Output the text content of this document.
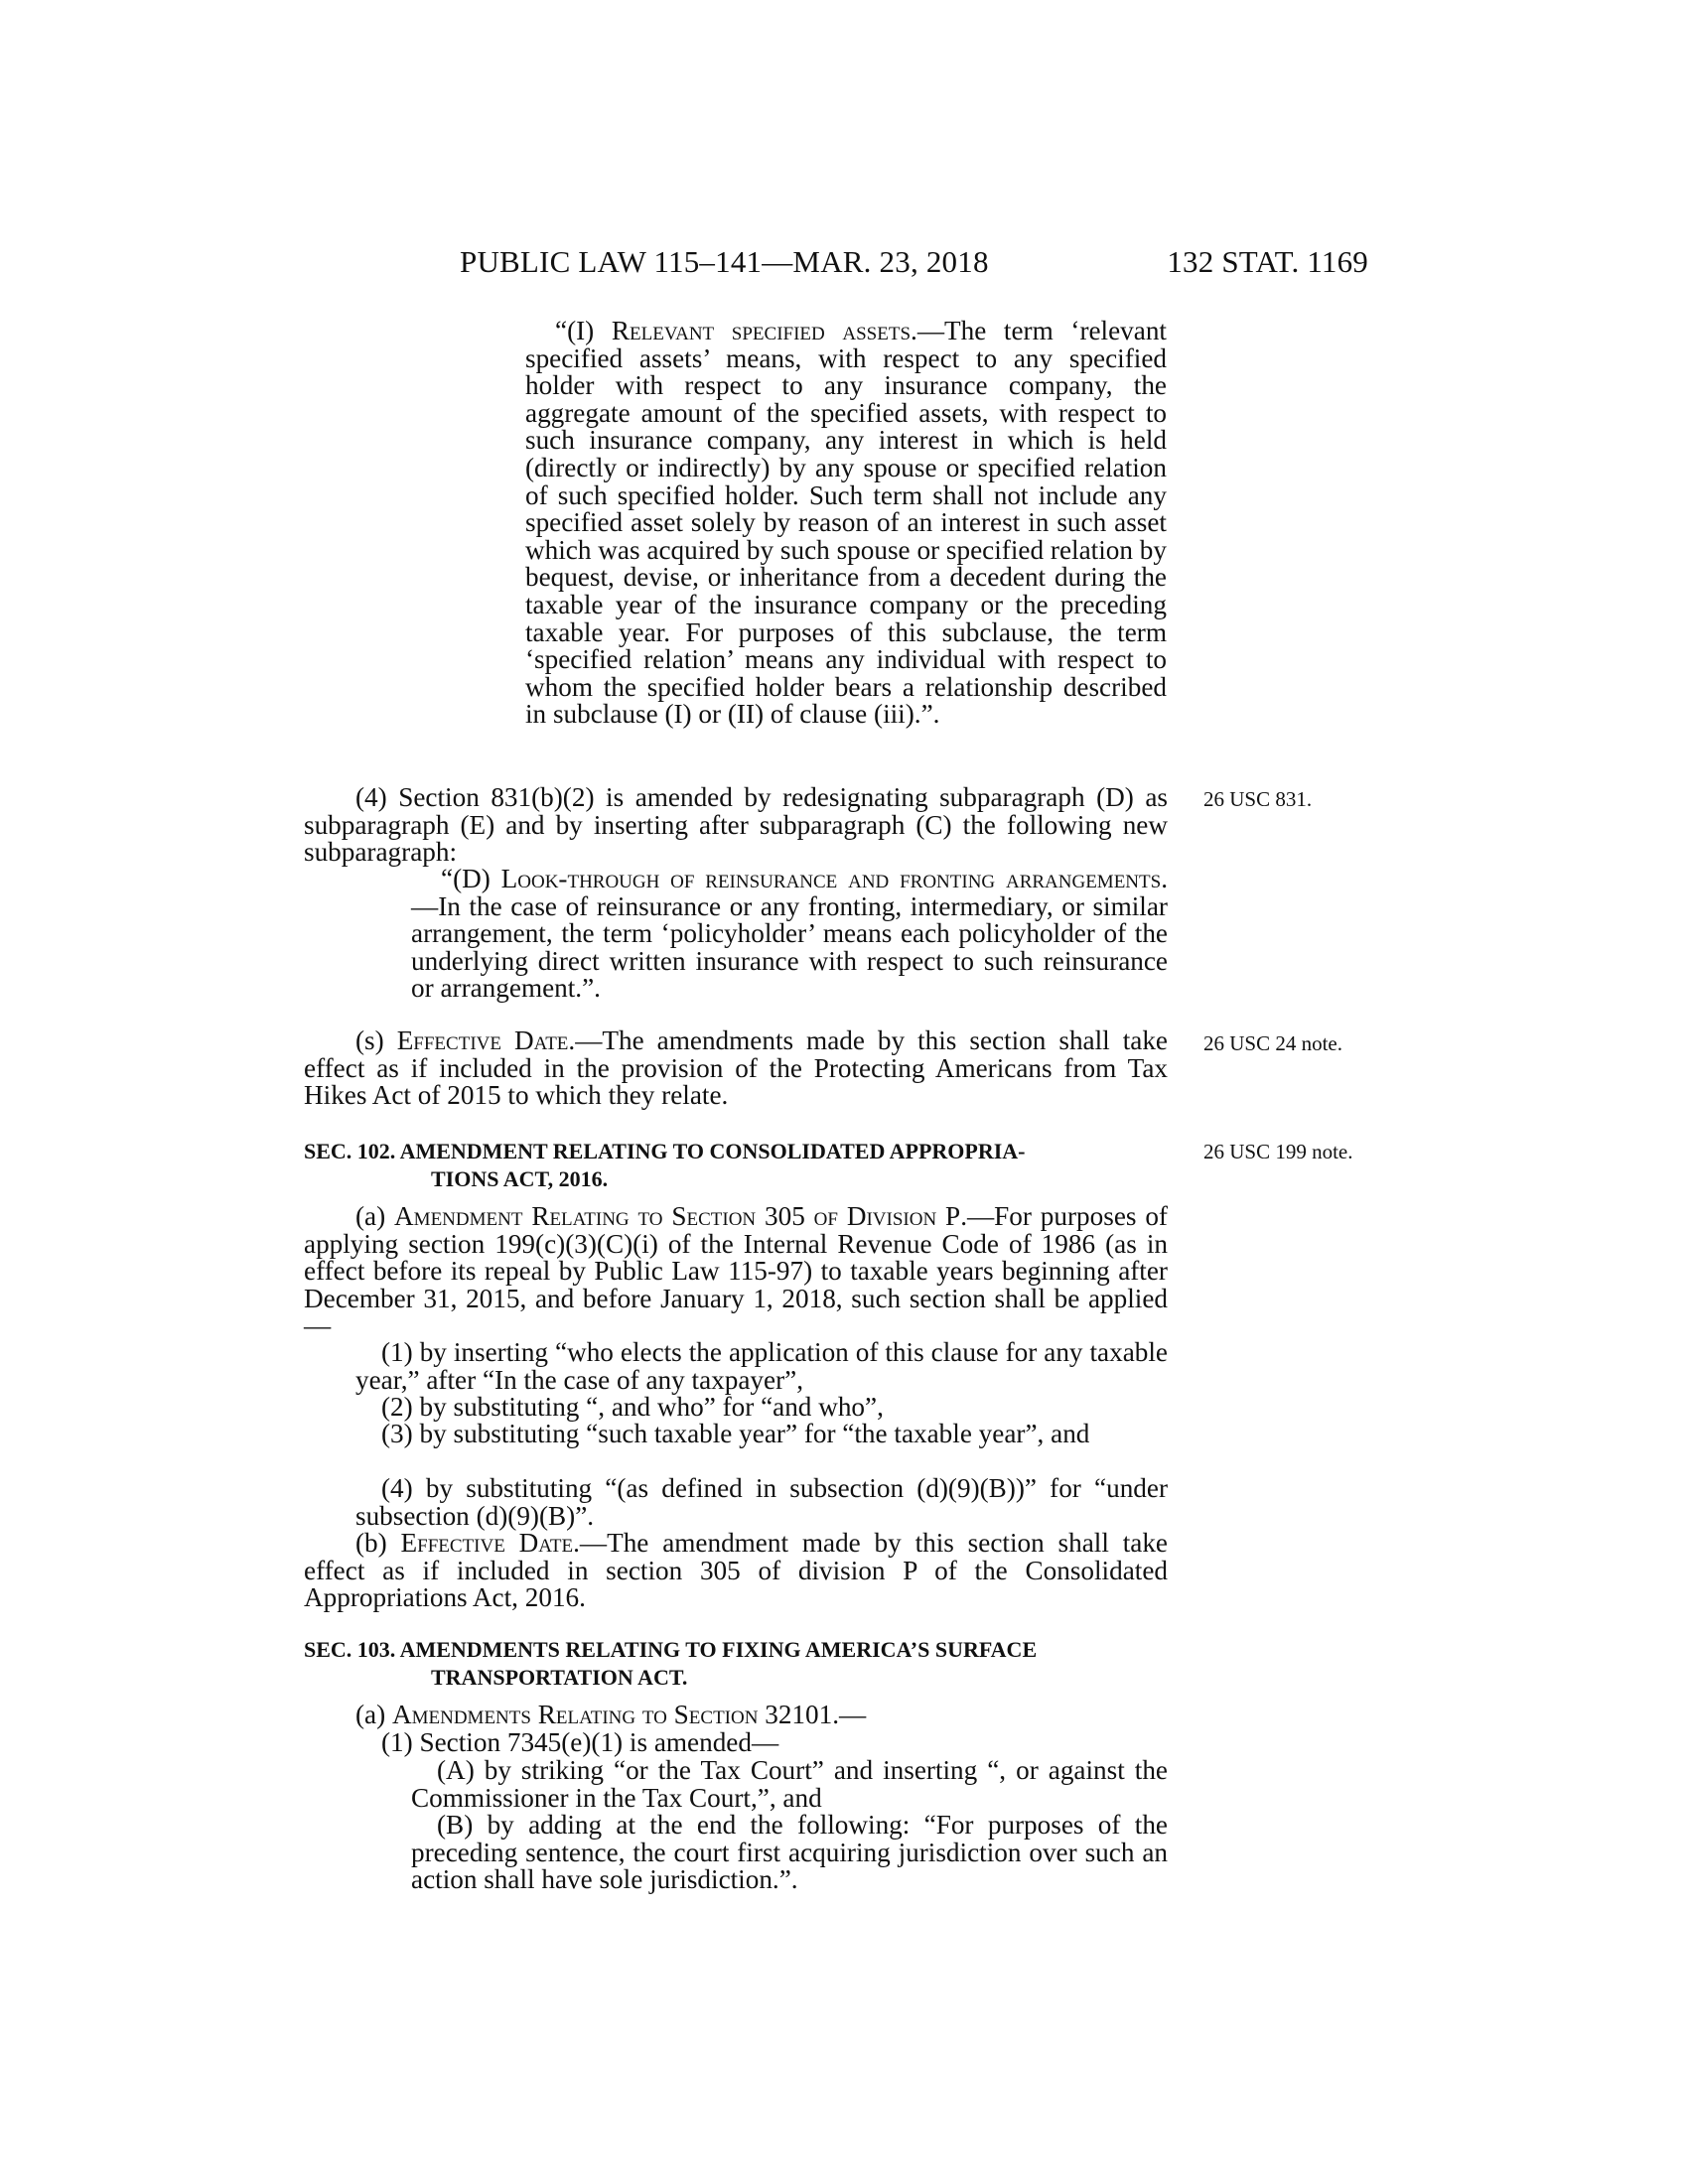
PUBLIC LAW 115–141—MAR. 23, 2018	132 STAT. 1169

“(I) Relevant specified assets.—The term ‘relevant specified assets’ means, with respect to any specified holder with respect to any insurance company, the aggregate amount of the specified assets, with respect to such insurance company, any interest in which is held (directly or indirectly) by any spouse or specified relation of such specified holder. Such term shall not include any specified asset solely by reason of an interest in such asset which was acquired by such spouse or specified relation by bequest, devise, or inheritance from a decedent during the taxable year of the insurance company or the preceding taxable year. For purposes of this subclause, the term ‘specified relation’ means any individual with respect to whom the specified holder bears a relationship described in subclause (I) or (II) of clause (iii).”.

(4) Section 831(b)(2) is amended by redesignating subparagraph (D) as subparagraph (E) and by inserting after subparagraph (C) the following new subparagraph:

26 USC 831.

“(D) Look-through of reinsurance and fronting arrangements.—In the case of reinsurance or any fronting, intermediary, or similar arrangement, the term ‘policyholder’ means each policyholder of the underlying direct written insurance with respect to such reinsurance or arrangement.”.

(s) Effective Date.—The amendments made by this section shall take effect as if included in the provision of the Protecting Americans from Tax Hikes Act of 2015 to which they relate.

26 USC 24 note.
SEC. 102. AMENDMENT RELATING TO CONSOLIDATED APPROPRIA-
TIONS ACT, 2016.
26 USC 199 note.

(a) Amendment Relating to Section 305 of Division P.—For purposes of applying section 199(c)(3)(C)(i) of the Internal Revenue Code of 1986 (as in effect before its repeal by Public Law 115-97) to taxable years beginning after December 31, 2015, and before January 1, 2018, such section shall be applied—

(1) by inserting “who elects the application of this clause for any taxable year,” after “In the case of any taxpayer”,

(2) by substituting “, and who” for “and who”,

(3) by substituting “such taxable year” for “the taxable year”, and

(4) by substituting “(as defined in subsection (d)(9)(B))” for “under subsection (d)(9)(B)”.

(b) Effective Date.—The amendment made by this section shall take effect as if included in section 305 of division P of the Consolidated Appropriations Act, 2016.

SEC. 103. AMENDMENTS RELATING TO FIXING AMERICA’S SURFACE
TRANSPORTATION ACT.

(a) Amendments Relating to Section 32101.—

(1) Section 7345(e)(1) is amended—

(A) by striking “or the Tax Court” and inserting “, or against the Commissioner in the Tax Court,”, and

(B) by adding at the end the following: “For purposes of the preceding sentence, the court first acquiring jurisdiction over such an action shall have sole jurisdiction.”.
